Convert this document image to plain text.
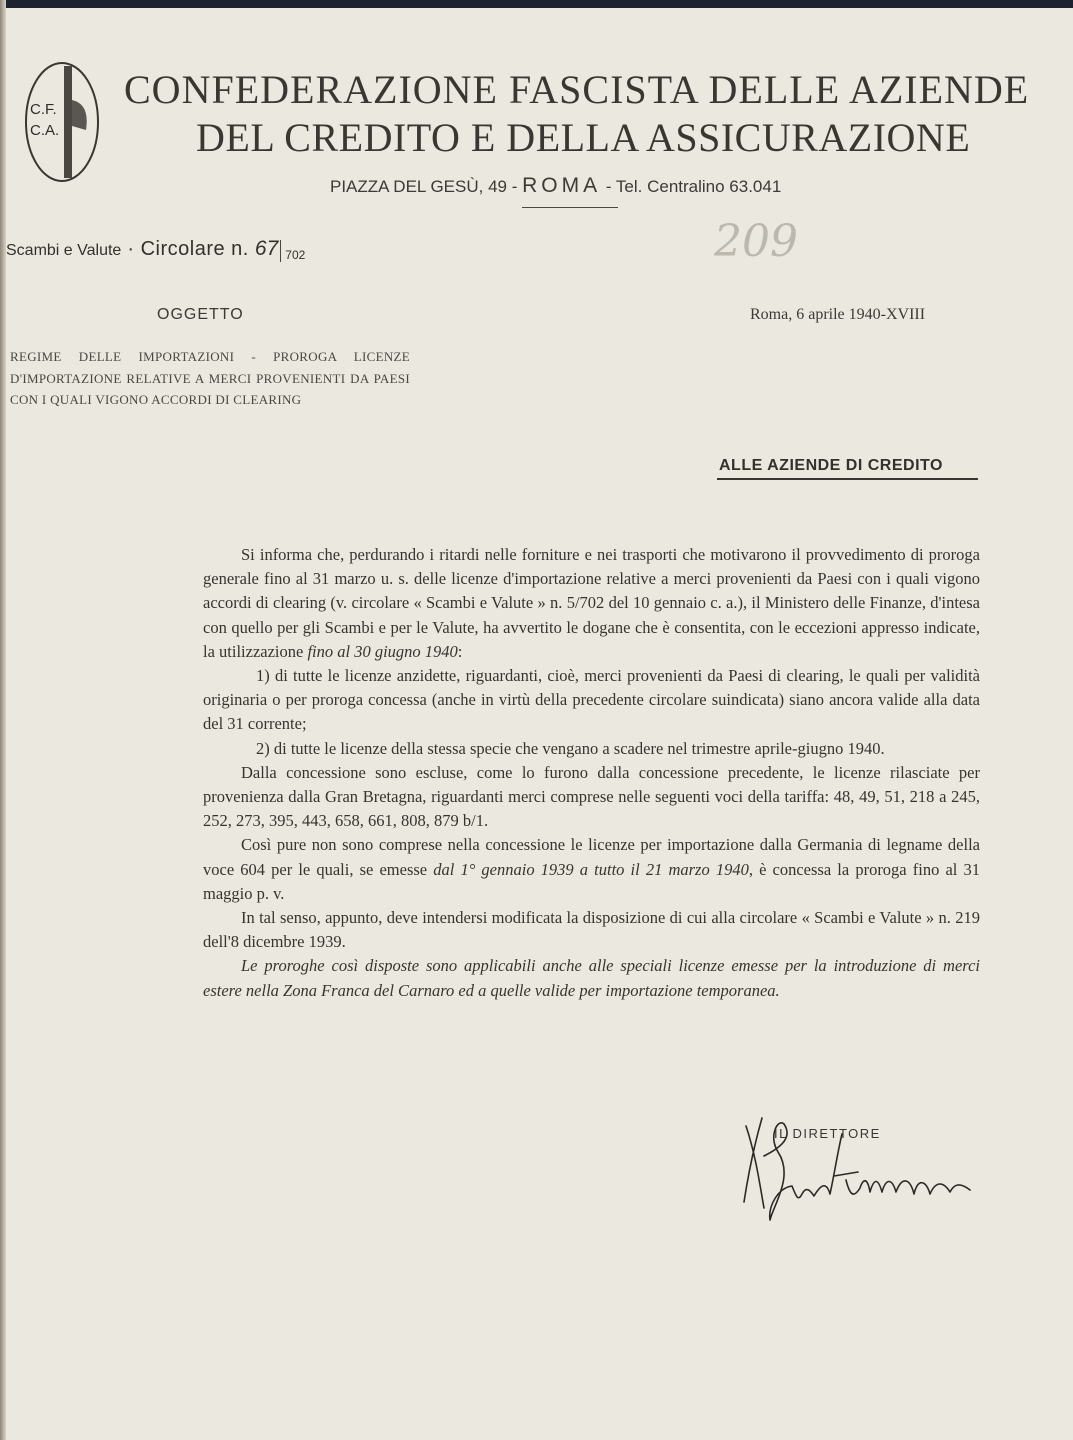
C.F.
C.A.
CONFEDERAZIONE FASCISTA DELLE AZIENDE
DEL CREDITO E DELLA ASSICURAZIONE
PIAZZA DEL GESÙ, 49 - ROMA - Tel. Centralino 63.041
Scambi e Valute · Circolare n. 67 $_{702}$	209
OGGETTO	Roma, 6 aprile 1940-XVIII
REGIME DELLE IMPORTAZIONI - PROROGA LICENZE D'IMPORTAZIONE RELATIVE A MERCI PROVENIENTI DA PAESI CON I QUALI VIGONO ACCORDI DI CLEARING
ALLE AZIENDE DI CREDITO

Si informa che, perdurando i ritardi nelle forniture e nei trasporti che motivarono il provvedimento di proroga generale fino al 31 marzo u. s. delle licenze d'importazione relative a merci provenienti da Paesi con i quali vigono accordi di clearing (v. circolare « Scambi e Valute » n. 5/702 del 10 gennaio c. a.), il Ministero delle Finanze, d'intesa con quello per gli Scambi e per le Valute, ha avvertito le dogane che è consentita, con le eccezioni appresso indicate, la utilizzazione fino al 30 giugno 1940:

1) di tutte le licenze anzidette, riguardanti, cioè, merci provenienti da Paesi di clearing, le quali per validità originaria o per proroga concessa (anche in virtù della precedente circolare suindicata) siano ancora valide alla data del 31 corrente;

2) di tutte le licenze della stessa specie che vengano a scadere nel trimestre aprile-giugno 1940.

Dalla concessione sono escluse, come lo furono dalla concessione precedente, le licenze rilasciate per provenienza dalla Gran Bretagna, riguardanti merci comprese nelle seguenti voci della tariffa: 48, 49, 51, 218 a 245, 252, 273, 395, 443, 658, 661, 808, 879 b/1.

Così pure non sono comprese nella concessione le licenze per importazione dalla Germania di legname della voce 604 per le quali, se emesse dal 1° gennaio 1939 a tutto il 21 marzo 1940, è concessa la proroga fino al 31 maggio p. v.

In tal senso, appunto, deve intendersi modificata la disposizione di cui alla circolare « Scambi e Valute » n. 219 dell'8 dicembre 1939.

Le proroghe così disposte sono applicabili anche alle speciali licenze emesse per la introduzione di merci estere nella Zona Franca del Carnaro ed a quelle valide per importazione temporanea.

IL DIRETTORE
